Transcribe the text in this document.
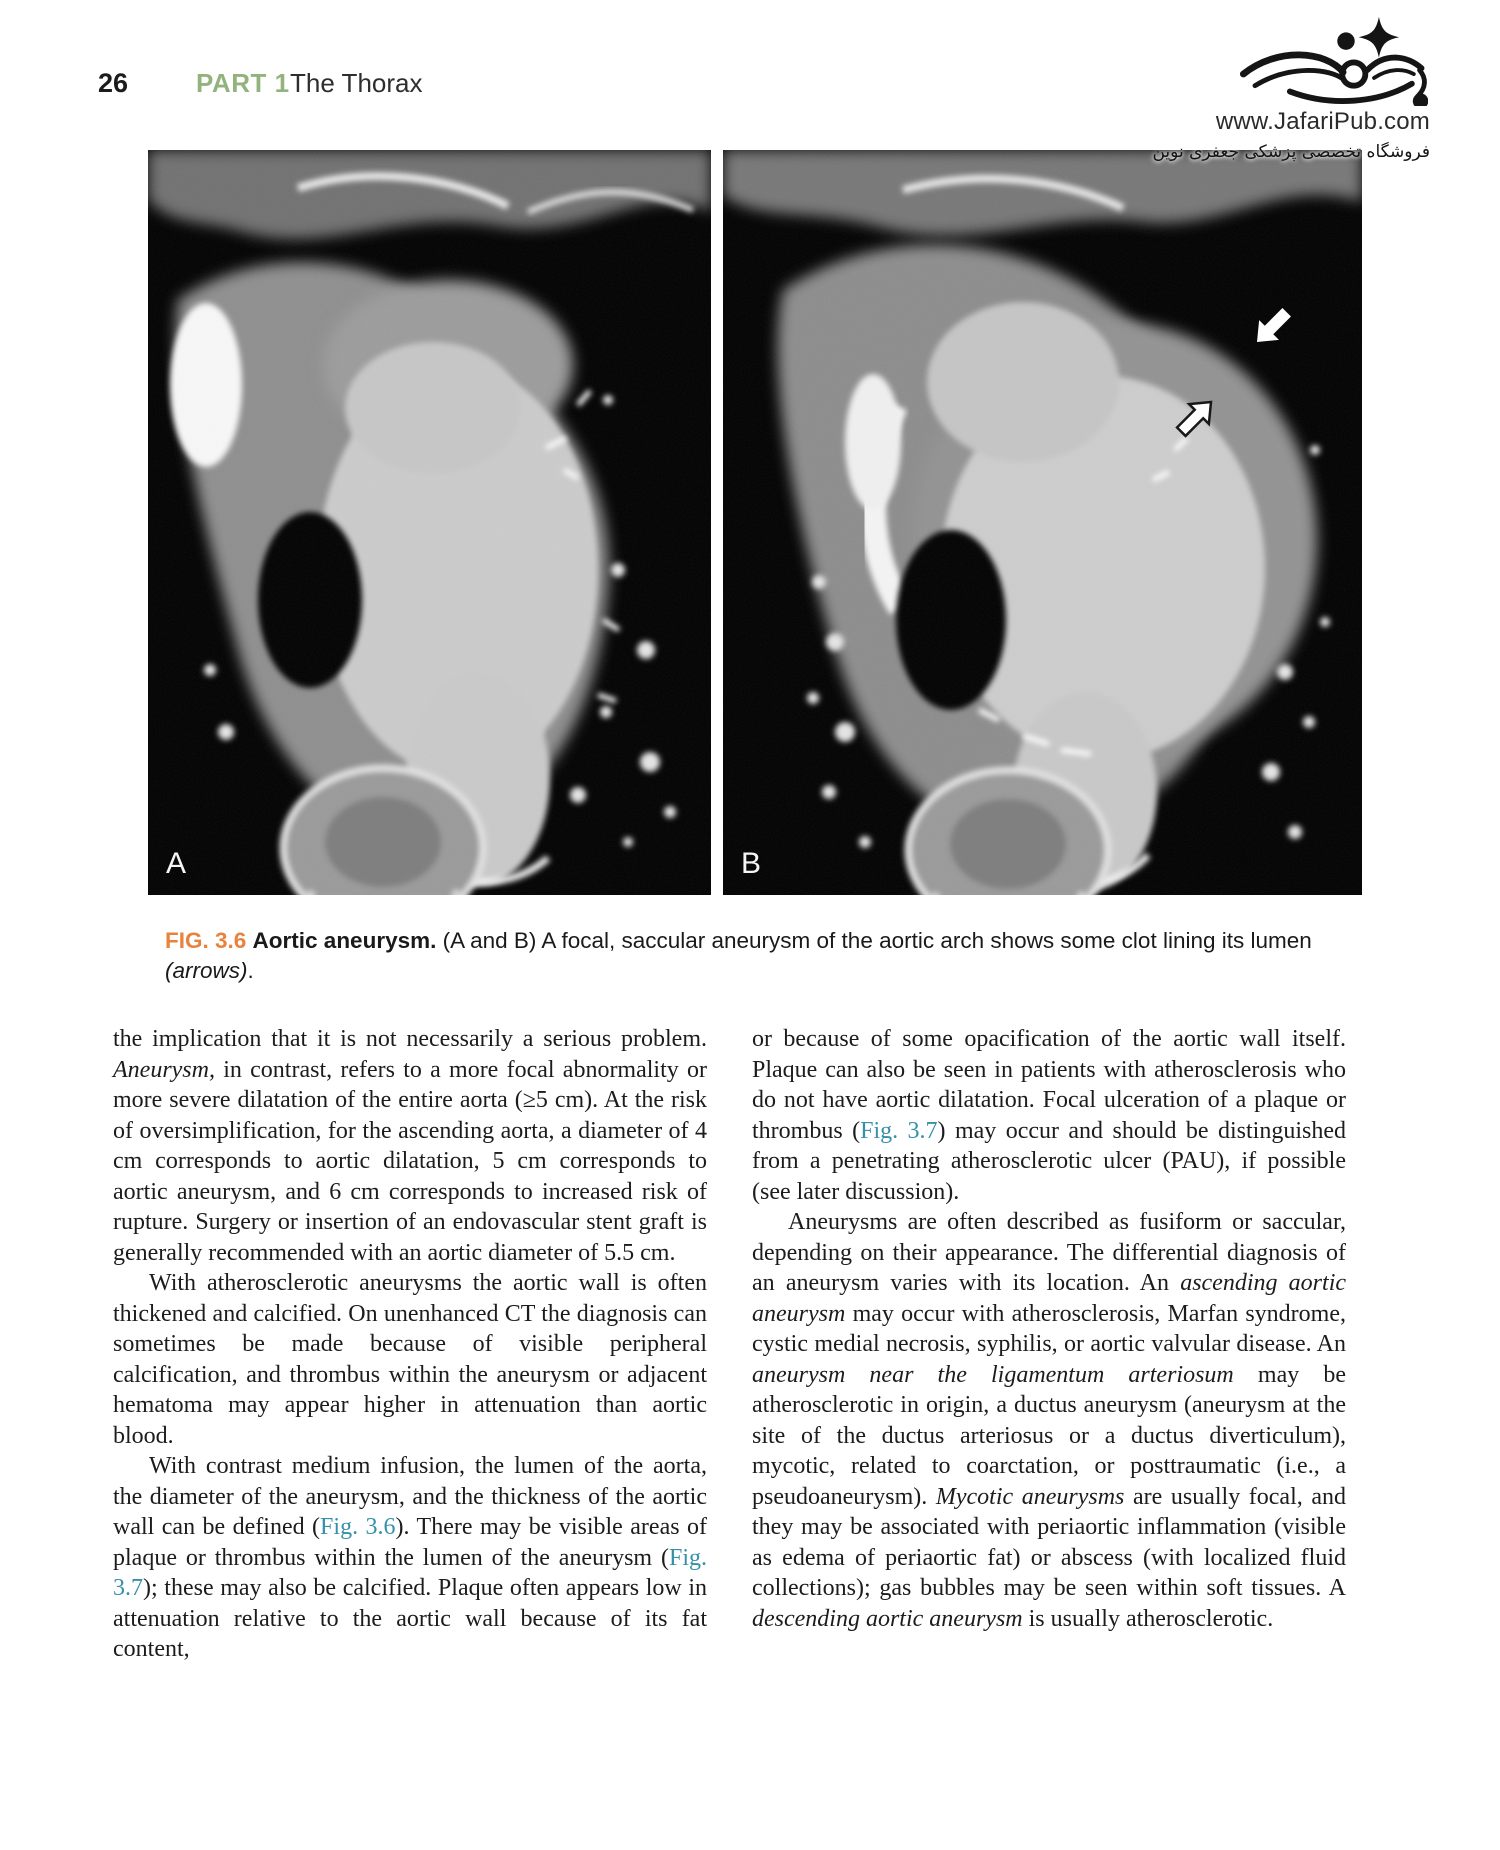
26	PART 1 The Thorax
www.JafariPub.com
فروشگاه تخصصی پزشکی جعفری نوین
A	B

FIG. 3.6 Aortic aneurysm. (A and B) A focal, saccular aneurysm of the aortic arch shows some clot lining its lumen (arrows).

the implication that it is not necessarily a serious problem. Aneurysm, in contrast, refers to a more focal abnormality or more severe dilatation of the entire aorta (≥5 cm). At the risk of oversimplification, for the ascending aorta, a diameter of 4 cm corresponds to aortic dilatation, 5 cm corresponds to aortic aneurysm, and 6 cm corresponds to increased risk of rupture. Surgery or insertion of an endovascular stent graft is generally recommended with an aortic diameter of 5.5 cm.

With atherosclerotic aneurysms the aortic wall is often thickened and calcified. On unenhanced CT the diagnosis can sometimes be made because of visible peripheral calcification, and thrombus within the aneurysm or adjacent hematoma may appear higher in attenuation than aortic blood.

With contrast medium infusion, the lumen of the aorta, the diameter of the aneurysm, and the thickness of the aortic wall can be defined (Fig. 3.6). There may be visible areas of plaque or thrombus within the lumen of the aneurysm (Fig. 3.7); these may also be calcified. Plaque often appears low in attenuation relative to the aortic wall because of its fat content,

or because of some opacification of the aortic wall itself. Plaque can also be seen in patients with atherosclerosis who do not have aortic dilatation. Focal ulceration of a plaque or thrombus (Fig. 3.7) may occur and should be distinguished from a penetrating atherosclerotic ulcer (PAU), if possible (see later discussion).

Aneurysms are often described as fusiform or saccular, depending on their appearance. The differential diagnosis of an aneurysm varies with its location. An ascending aortic aneurysm may occur with atherosclerosis, Marfan syndrome, cystic medial necrosis, syphilis, or aortic valvular disease. An aneurysm near the ligamentum arteriosum may be atherosclerotic in origin, a ductus aneurysm (aneurysm at the site of the ductus arteriosus or a ductus diverticulum), mycotic, related to coarctation, or posttraumatic (i.e., a pseudoaneurysm). Mycotic aneurysms are usually focal, and they may be associated with periaortic inflammation (visible as edema of periaortic fat) or abscess (with localized fluid collections); gas bubbles may be seen within soft tissues. A descending aortic aneurysm is usually atherosclerotic.
